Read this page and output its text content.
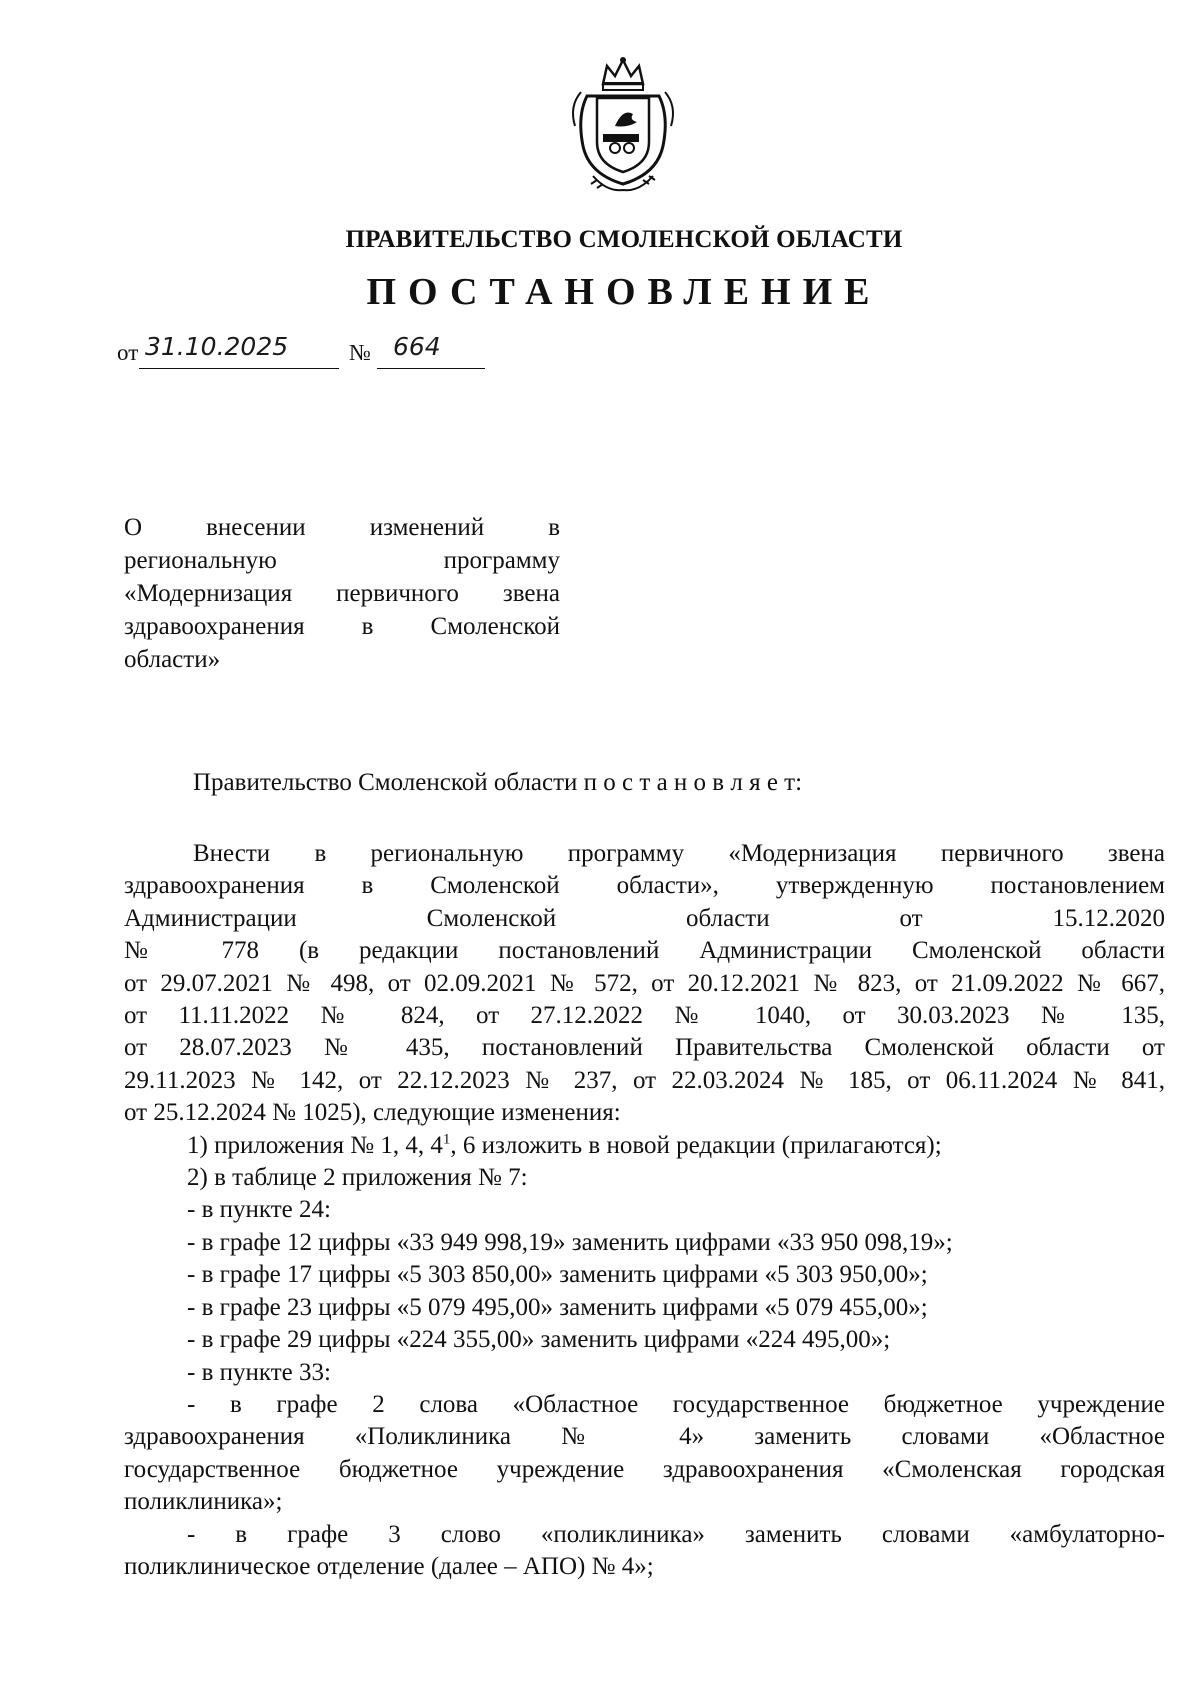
ПРАВИТЕЛЬСТВО СМОЛЕНСКОЙ ОБЛАСТИ
ПОСТАНОВЛЕНИЕ
от 31.10.2025	№ 664
О внесении изменений в
региональную программу
«Модернизация первичного звена
здравоохранения в Смоленской
области»
Правительство Смоленской области п о с т а н о в л я е т:
Внести в региональную программу «Модернизация первичного звена
здравоохранения в Смоленской области», утвержденную постановлением
Администрации Смоленской области от 15.12.2020
№ 778 (в редакции постановлений Администрации Смоленской области
от 29.07.2021 № 498, от 02.09.2021 № 572, от 20.12.2021 № 823, от 21.09.2022 № 667,
от 11.11.2022 № 824, от 27.12.2022 № 1040, от 30.03.2023 № 135,
от 28.07.2023 № 435, постановлений Правительства Смоленской области от
29.11.2023 № 142, от 22.12.2023 № 237, от 22.03.2024 № 185, от 06.11.2024 № 841,
от 25.12.2024 № 1025), следующие изменения:
1) приложения № 1, 4, $4^1$, 6 изложить в новой редакции (прилагаются);
2) в таблице 2 приложения № 7:
- в пункте 24:
- в графе 12 цифры «33 949 998,19» заменить цифрами «33 950 098,19»;
- в графе 17 цифры «5 303 850,00» заменить цифрами «5 303 950,00»;
- в графе 23 цифры «5 079 495,00» заменить цифрами «5 079 455,00»;
- в графе 29 цифры «224 355,00» заменить цифрами «224 495,00»;
- в пункте 33:
- в графе 2 слова «Областное государственное бюджетное учреждение
здравоохранения «Поликлиника № 4» заменить словами «Областное
государственное бюджетное учреждение здравоохранения «Смоленская городская
поликлиника»;
- в графе 3 слово «поликлиника» заменить словами «амбулаторно-
поликлиническое отделение (далее – АПО) № 4»;
